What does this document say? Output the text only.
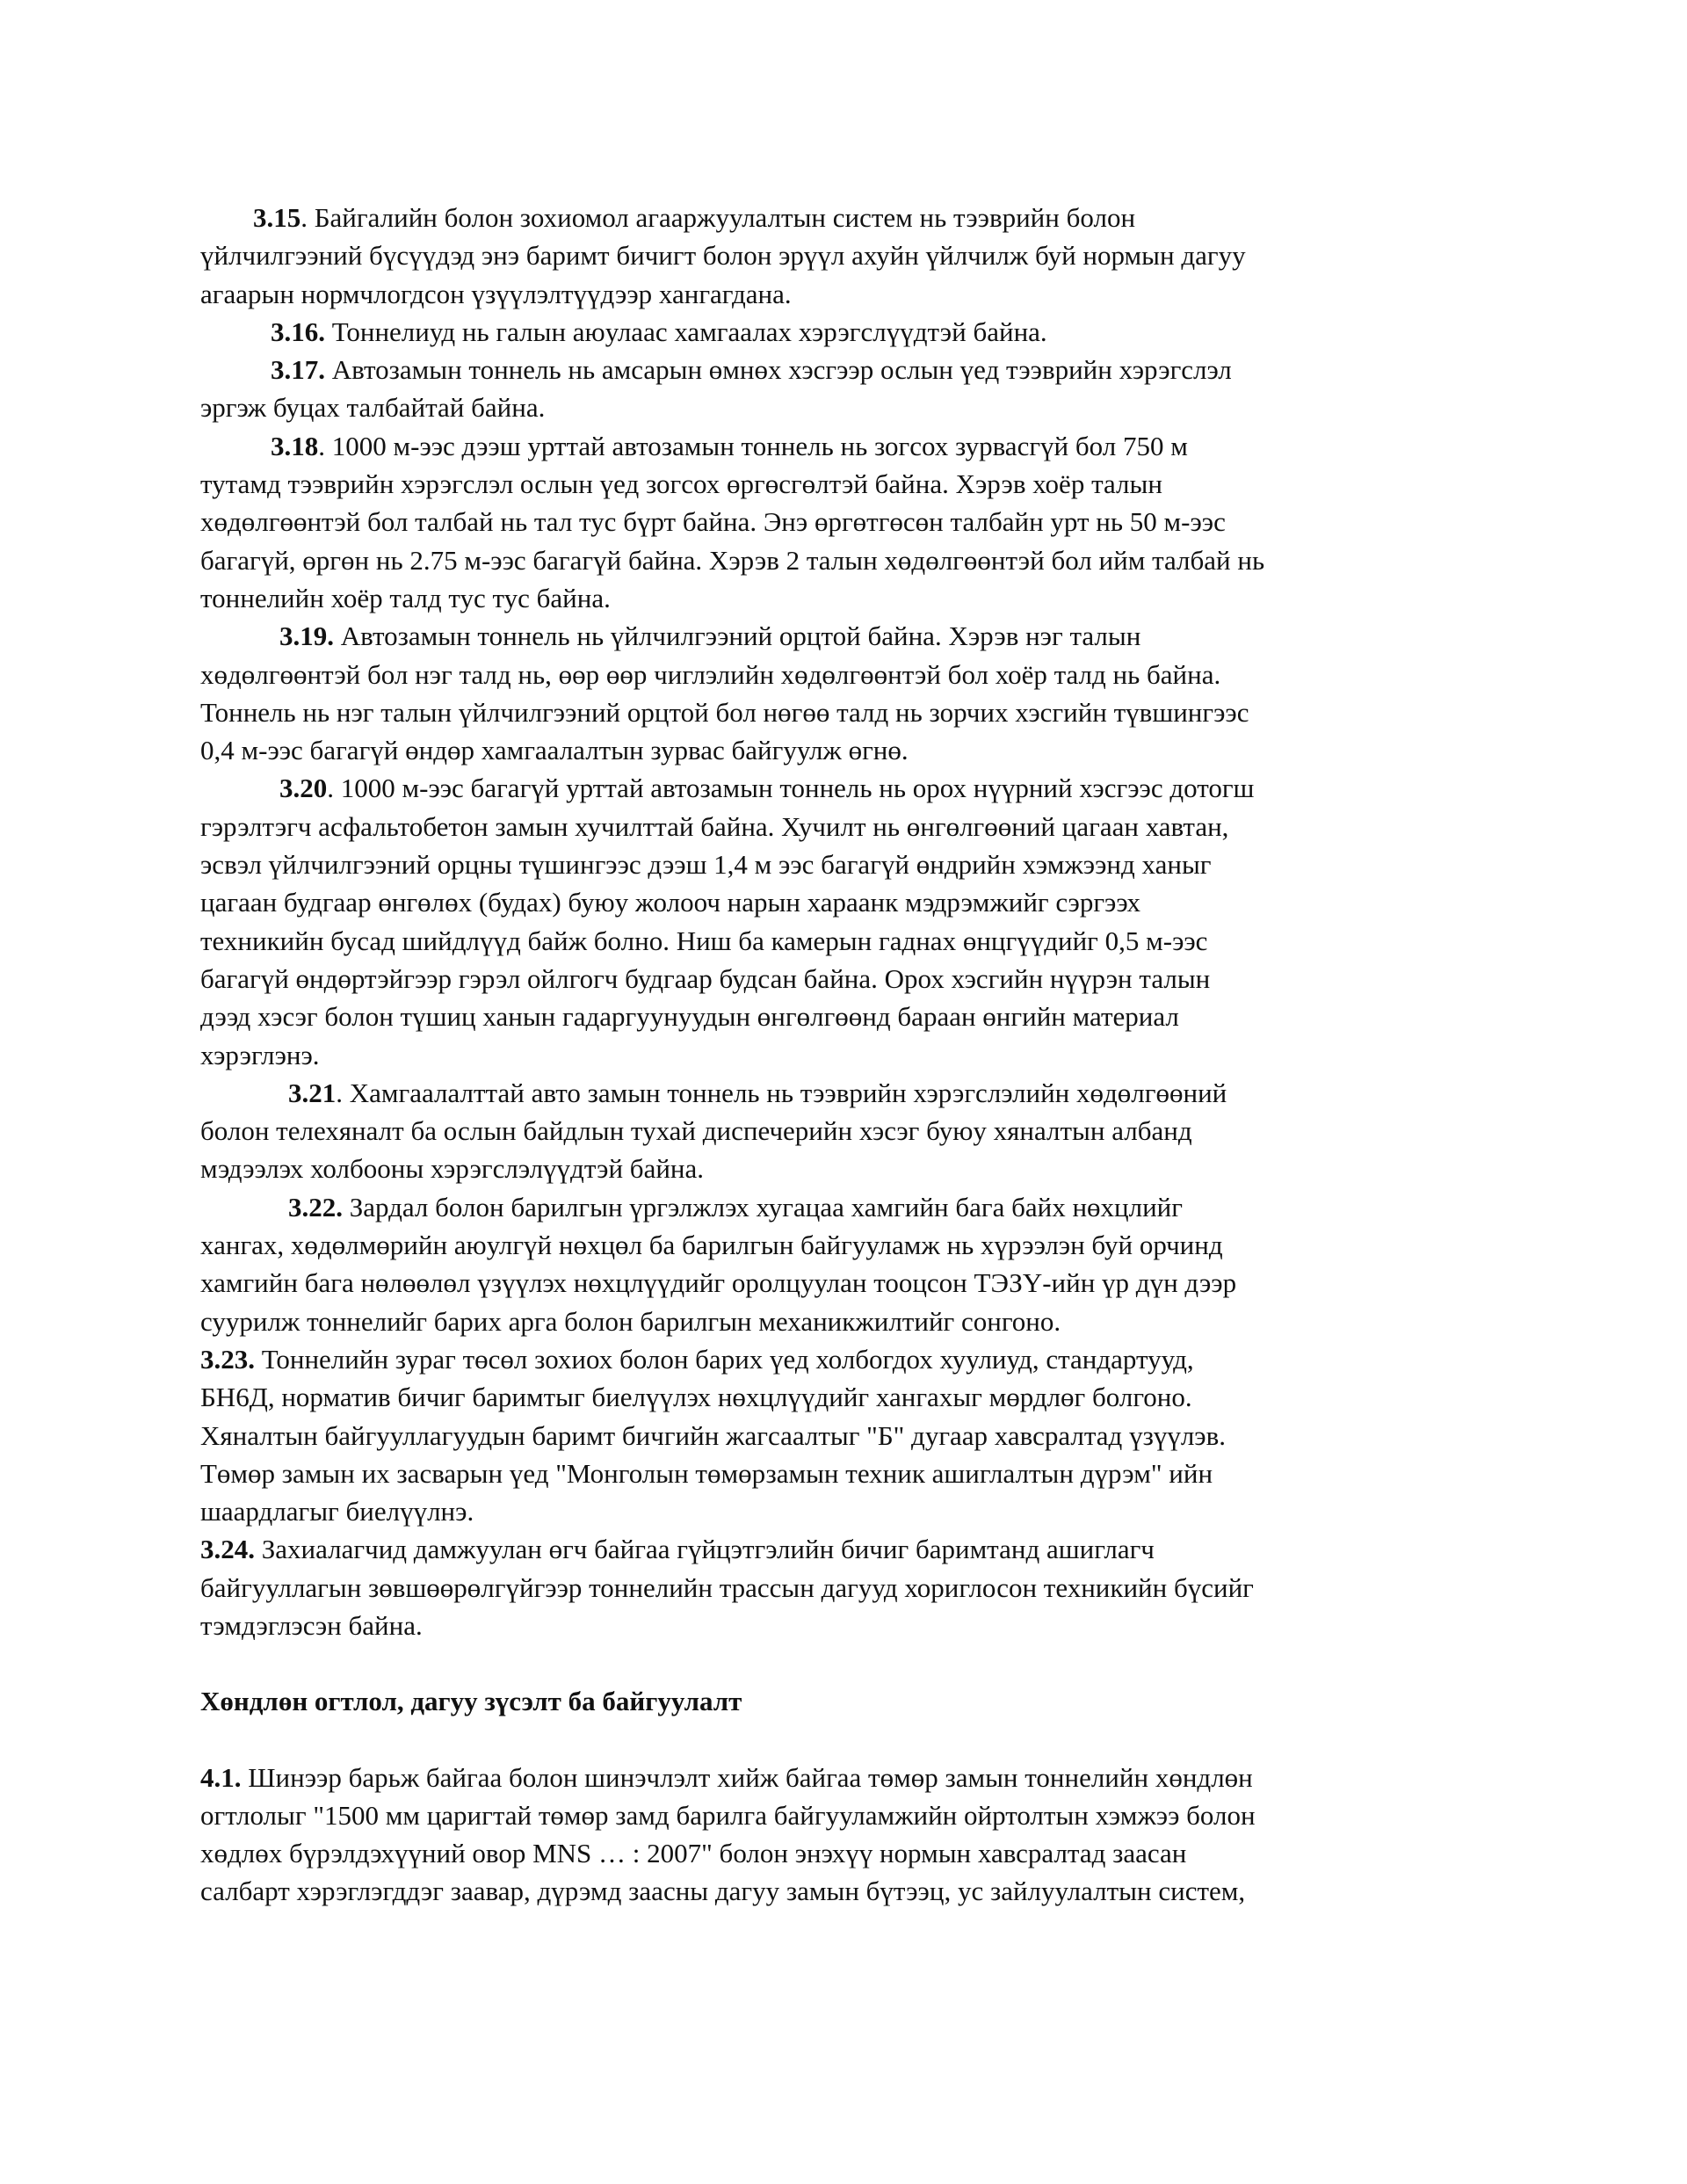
3.15. Байгалийн болон зохиомол агааржуулалтын систем нь тээврийн болон
үйлчилгээний бүсүүдэд энэ баримт бичигт болон эрүүл ахуйн үйлчилж буй нормын дагуу
агаарын нормчлогдсон үзүүлэлтүүдээр хангагдана.

3.16. Тоннелиуд нь галын аюулаас хамгаалах хэрэгслүүдтэй байна.

3.17. Автозамын тоннель нь амсарын өмнөх хэсгээр ослын үед тээврийн хэрэгслэл
эргэж буцах талбайтай байна.

3.18. 1000 м-ээс дээш урттай автозамын тоннель нь зогсох зурвасгүй бол 750 м
тутамд тээврийн хэрэгслэл ослын үед зогсох өргөсгөлтэй байна. Хэрэв хоёр талын
хөдөлгөөнтэй бол талбай нь тал тус бүрт байна. Энэ өргөтгөсөн талбайн урт нь 50 м-ээс
багагүй, өргөн нь 2.75 м-ээс багагүй байна. Хэрэв 2 талын хөдөлгөөнтэй бол ийм талбай нь
тоннелийн хоёр талд тус тус байна.

3.19. Автозамын тоннель нь үйлчилгээний орцтой байна. Хэрэв нэг талын
хөдөлгөөнтэй бол нэг талд нь, өөр өөр чиглэлийн хөдөлгөөнтэй бол хоёр талд нь байна.
Тоннель нь нэг талын үйлчилгээний орцтой бол нөгөө талд нь зорчих хэсгийн түвшингээс
0,4 м-ээс багагүй өндөр хамгаалалтын зурвас байгуулж өгнө.

3.20. 1000 м-ээс багагүй урттай автозамын тоннель нь орох нүүрний хэсгээс дотогш
гэрэлтэгч асфальтобетон замын хучилттай байна. Хучилт нь өнгөлгөөний цагаан хавтан,
эсвэл үйлчилгээний орцны түшингээс дээш 1,4 м ээс багагүй өндрийн хэмжээнд ханыг
цагаан будгаар өнгөлөх (будах) буюу жолооч нарын хараанк мэдрэмжийг сэргээх
техникийн бусад шийдлүүд байж болно. Ниш ба камерын гаднах өнцгүүдийг 0,5 м-ээс
багагүй өндөртэйгээр гэрэл ойлгогч будгаар будсан байна. Орох хэсгийн нүүрэн талын
дээд хэсэг болон түшиц ханын гадаргуунуудын өнгөлгөөнд бараан өнгийн материал
хэрэглэнэ.

3.21. Хамгаалалттай авто замын тоннель нь тээврийн хэрэгслэлийн хөдөлгөөний
болон телехяналт ба ослын байдлын тухай диспечерийн хэсэг буюу хяналтын албанд
мэдээлэх холбооны хэрэгслэлүүдтэй байна.

3.22. Зардал болон барилгын үргэлжлэх хугацаа хамгийн бага байх нөхцлийг
хангах, хөдөлмөрийн аюулгүй нөхцөл ба барилгын байгууламж нь хүрээлэн буй орчинд
хамгийн бага нөлөөлөл үзүүлэх нөхцлүүдийг оролцуулан тооцсон ТЭЗҮ-ийн үр дүн дээр
суурилж тоннелийг барих арга болон барилгын механикжилтийг сонгоно.

3.23. Тоннелийн зураг төсөл зохиох болон барих үед холбогдох хуулиуд, стандартууд,
БН6Д, норматив бичиг баримтыг биелүүлэх нөхцлүүдийг хангахыг мөрдлөг болгоно.
Хяналтын байгууллагуудын баримт бичгийн жагсаалтыг "Б" дугаар хавсралтад үзүүлэв.
Төмөр замын их засварын үед "Монголын төмөрзамын техник ашиглалтын дүрэм" ийн
шаардлагыг биелүүлнэ.

3.24. Захиалагчид дамжуулан өгч байгаа гүйцэтгэлийн бичиг баримтанд ашиглагч
байгууллагын зөвшөөрөлгүйгээр тоннелийн трассын дагууд хориглосон техникийн бүсийг
тэмдэглэсэн байна.

Хөндлөн огтлол, дагуу зүсэлт ба байгуулалт

4.1. Шинээр барьж байгаа болон шинэчлэлт хийж байгаа төмөр замын тоннелийн хөндлөн
огтлолыг "1500 мм царигтай төмөр замд барилга байгууламжийн ойртолтын хэмжээ болон
хөдлөх бүрэлдэхүүний овор MNS … : 2007" болон энэхүү нормын хавсралтад заасан
салбарт хэрэглэгддэг заавар, дүрэмд заасны дагуу замын бүтээц, ус зайлуулалтын систем,
